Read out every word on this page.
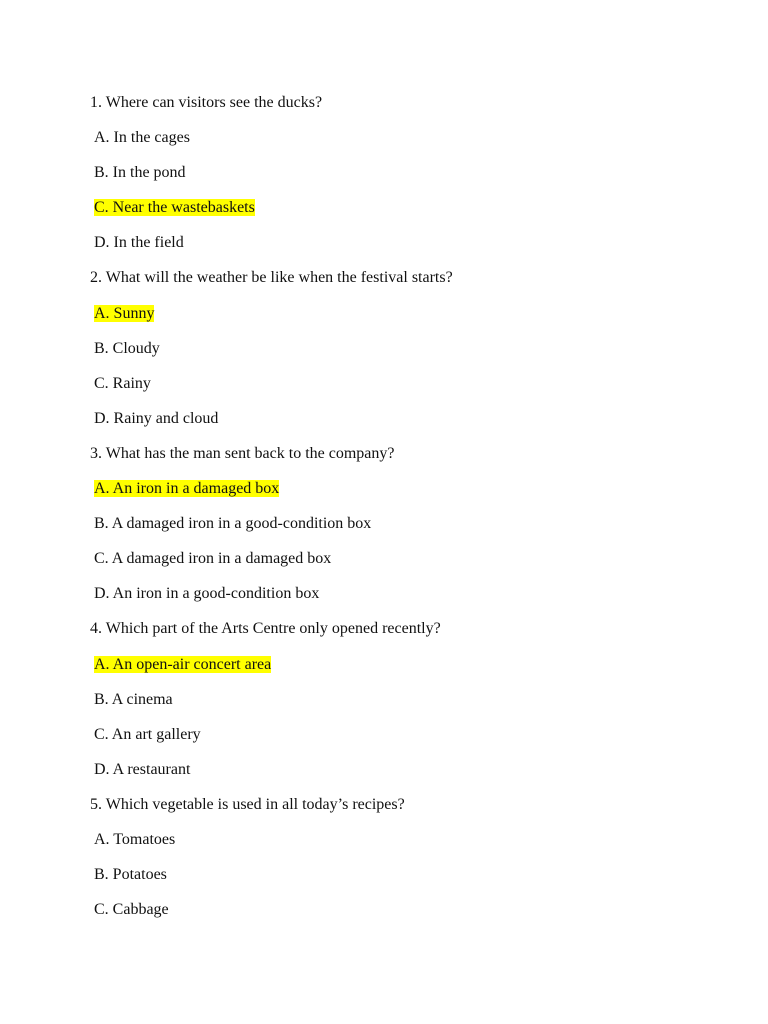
1. Where can visitors see the ducks?
A. In the cages
B. In the pond
C. Near the wastebaskets
D. In the field
2. What will the weather be like when the festival starts?
A. Sunny
B. Cloudy
C. Rainy
D. Rainy and cloud
3. What has the man sent back to the company?
A. An iron in a damaged box
B. A damaged iron in a good-condition box
C. A damaged iron in a damaged box
D. An iron in a good-condition box
4. Which part of the Arts Centre only opened recently?
A. An open-air concert area
B. A cinema
C. An art gallery
D. A restaurant
5. Which vegetable is used in all today’s recipes?
A. Tomatoes
B. Potatoes
C. Cabbage
